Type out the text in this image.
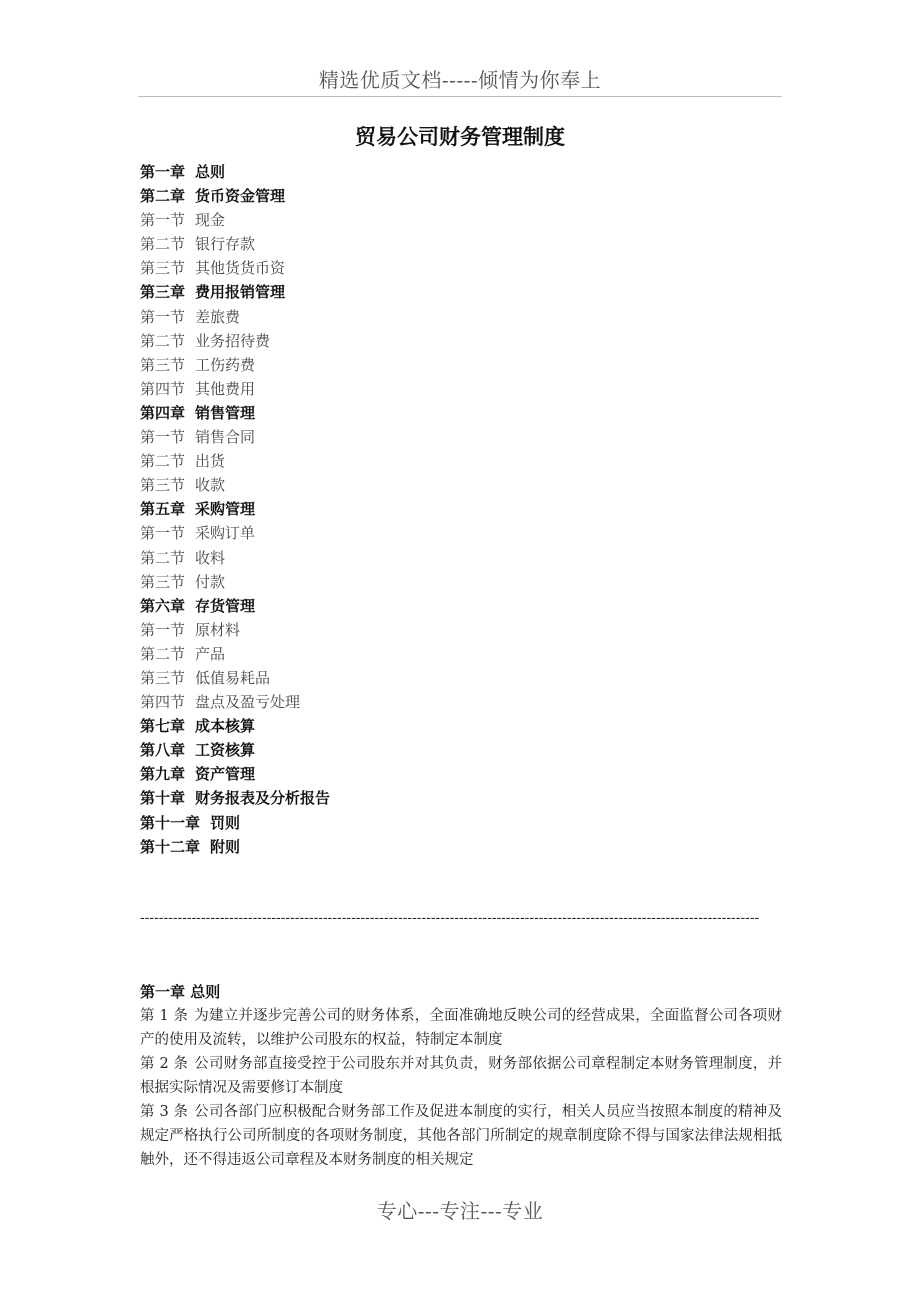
精选优质文档-----倾情为你奉上
贸易公司财务管理制度
第一章 总则
第二章 货币资金管理
第一节 现金
第二节 银行存款
第三节 其他货货币资
第三章 费用报销管理
第一节 差旅费
第二节 业务招待费
第三节 工伤药费
第四节 其他费用
第四章 销售管理
第一节 销售合同
第二节 出货
第三节 收款
第五章 采购管理
第一节 采购订单
第二节 收料
第三节 付款
第六章 存货管理
第一节 原材料
第二节 产品
第三节 低值易耗品
第四节 盘点及盈亏处理
第七章 成本核算
第八章 工资核算
第九章 资产管理
第十章 财务报表及分析报告
第十一章 罚则
第十二章 附则
------------------------------------------------------------------------------------------------------------------------------------
第一章 总则
第 1 条 为建立并逐步完善公司的财务体系，全面准确地反映公司的经营成果，全面监督公司各项财产的使用及流转，以维护公司股东的权益，特制定本制度
第 2 条 公司财务部直接受控于公司股东并对其负责，财务部依据公司章程制定本财务管理制度，并根据实际情况及需要修订本制度
第 3 条 公司各部门应积极配合财务部工作及促进本制度的实行，相关人员应当按照本制度的精神及规定严格执行公司所制度的各项财务制度，其他各部门所制定的规章制度除不得与国家法律法规相抵触外，还不得违返公司章程及本财务制度的相关规定
专心---专注---专业
